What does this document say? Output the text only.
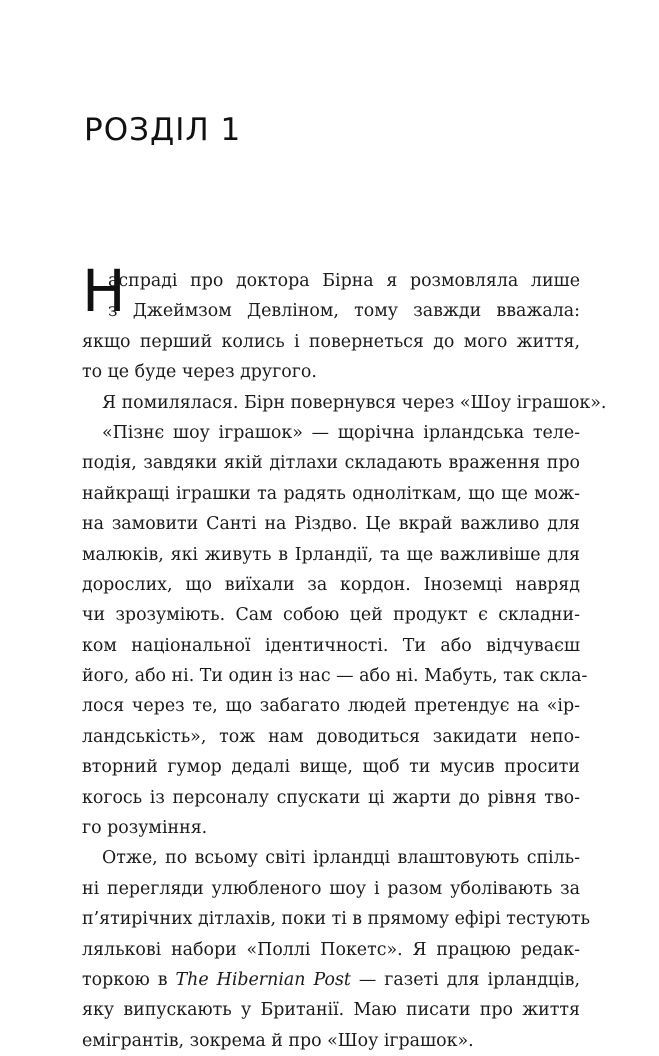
РОЗДІЛ 1
Н
аспраді про доктора Бірна я розмовляла лише
з Джеймзом Девліном, тому завжди вважала:
якщо перший колись і повернеться до мого життя,
то це буде через другого.
Я помилялася. Бірн повернувся через «Шоу іграшок».
«Пізнє шоу іграшок» — щорічна ірландська теле-
подія, завдяки якій дітлахи складають враження про
найкращі іграшки та радять однолiткам, що ще мож-
на замовити Санті на Різдво. Це вкрай важливо для
малюків, які живуть в Ірландії, та ще важливіше для
дорослих, що виїхали за кордон. Іноземці навряд
чи зрозуміють. Сам собою цей продукт є складни-
ком національної ідентичності. Ти або відчуваєш
його, або ні. Ти один із нас — або ні. Мабуть, так скла-
лося через те, що забагато людей претендує на «ір-
ландськість», тож нам доводиться закидати непо-
вторний гумор дедалі вище, щоб ти мусив просити
когось із персоналу спускати ці жарти до рівня тво-
го розуміння.
Отже, по всьому світі ірландці влаштовують спіль-
ні перегляди улюбленого шоу і разом уболівають за
п’ятирічних дітлахів, поки ті в прямому ефірі тестують
лялькові набори «Поллі Покетс». Я працюю редак-
торкою в The Hibernian Post — газеті для ірландців,
яку випускають у Британії. Маю писати про життя
емігрантів, зокрема й про «Шоу іграшок».
